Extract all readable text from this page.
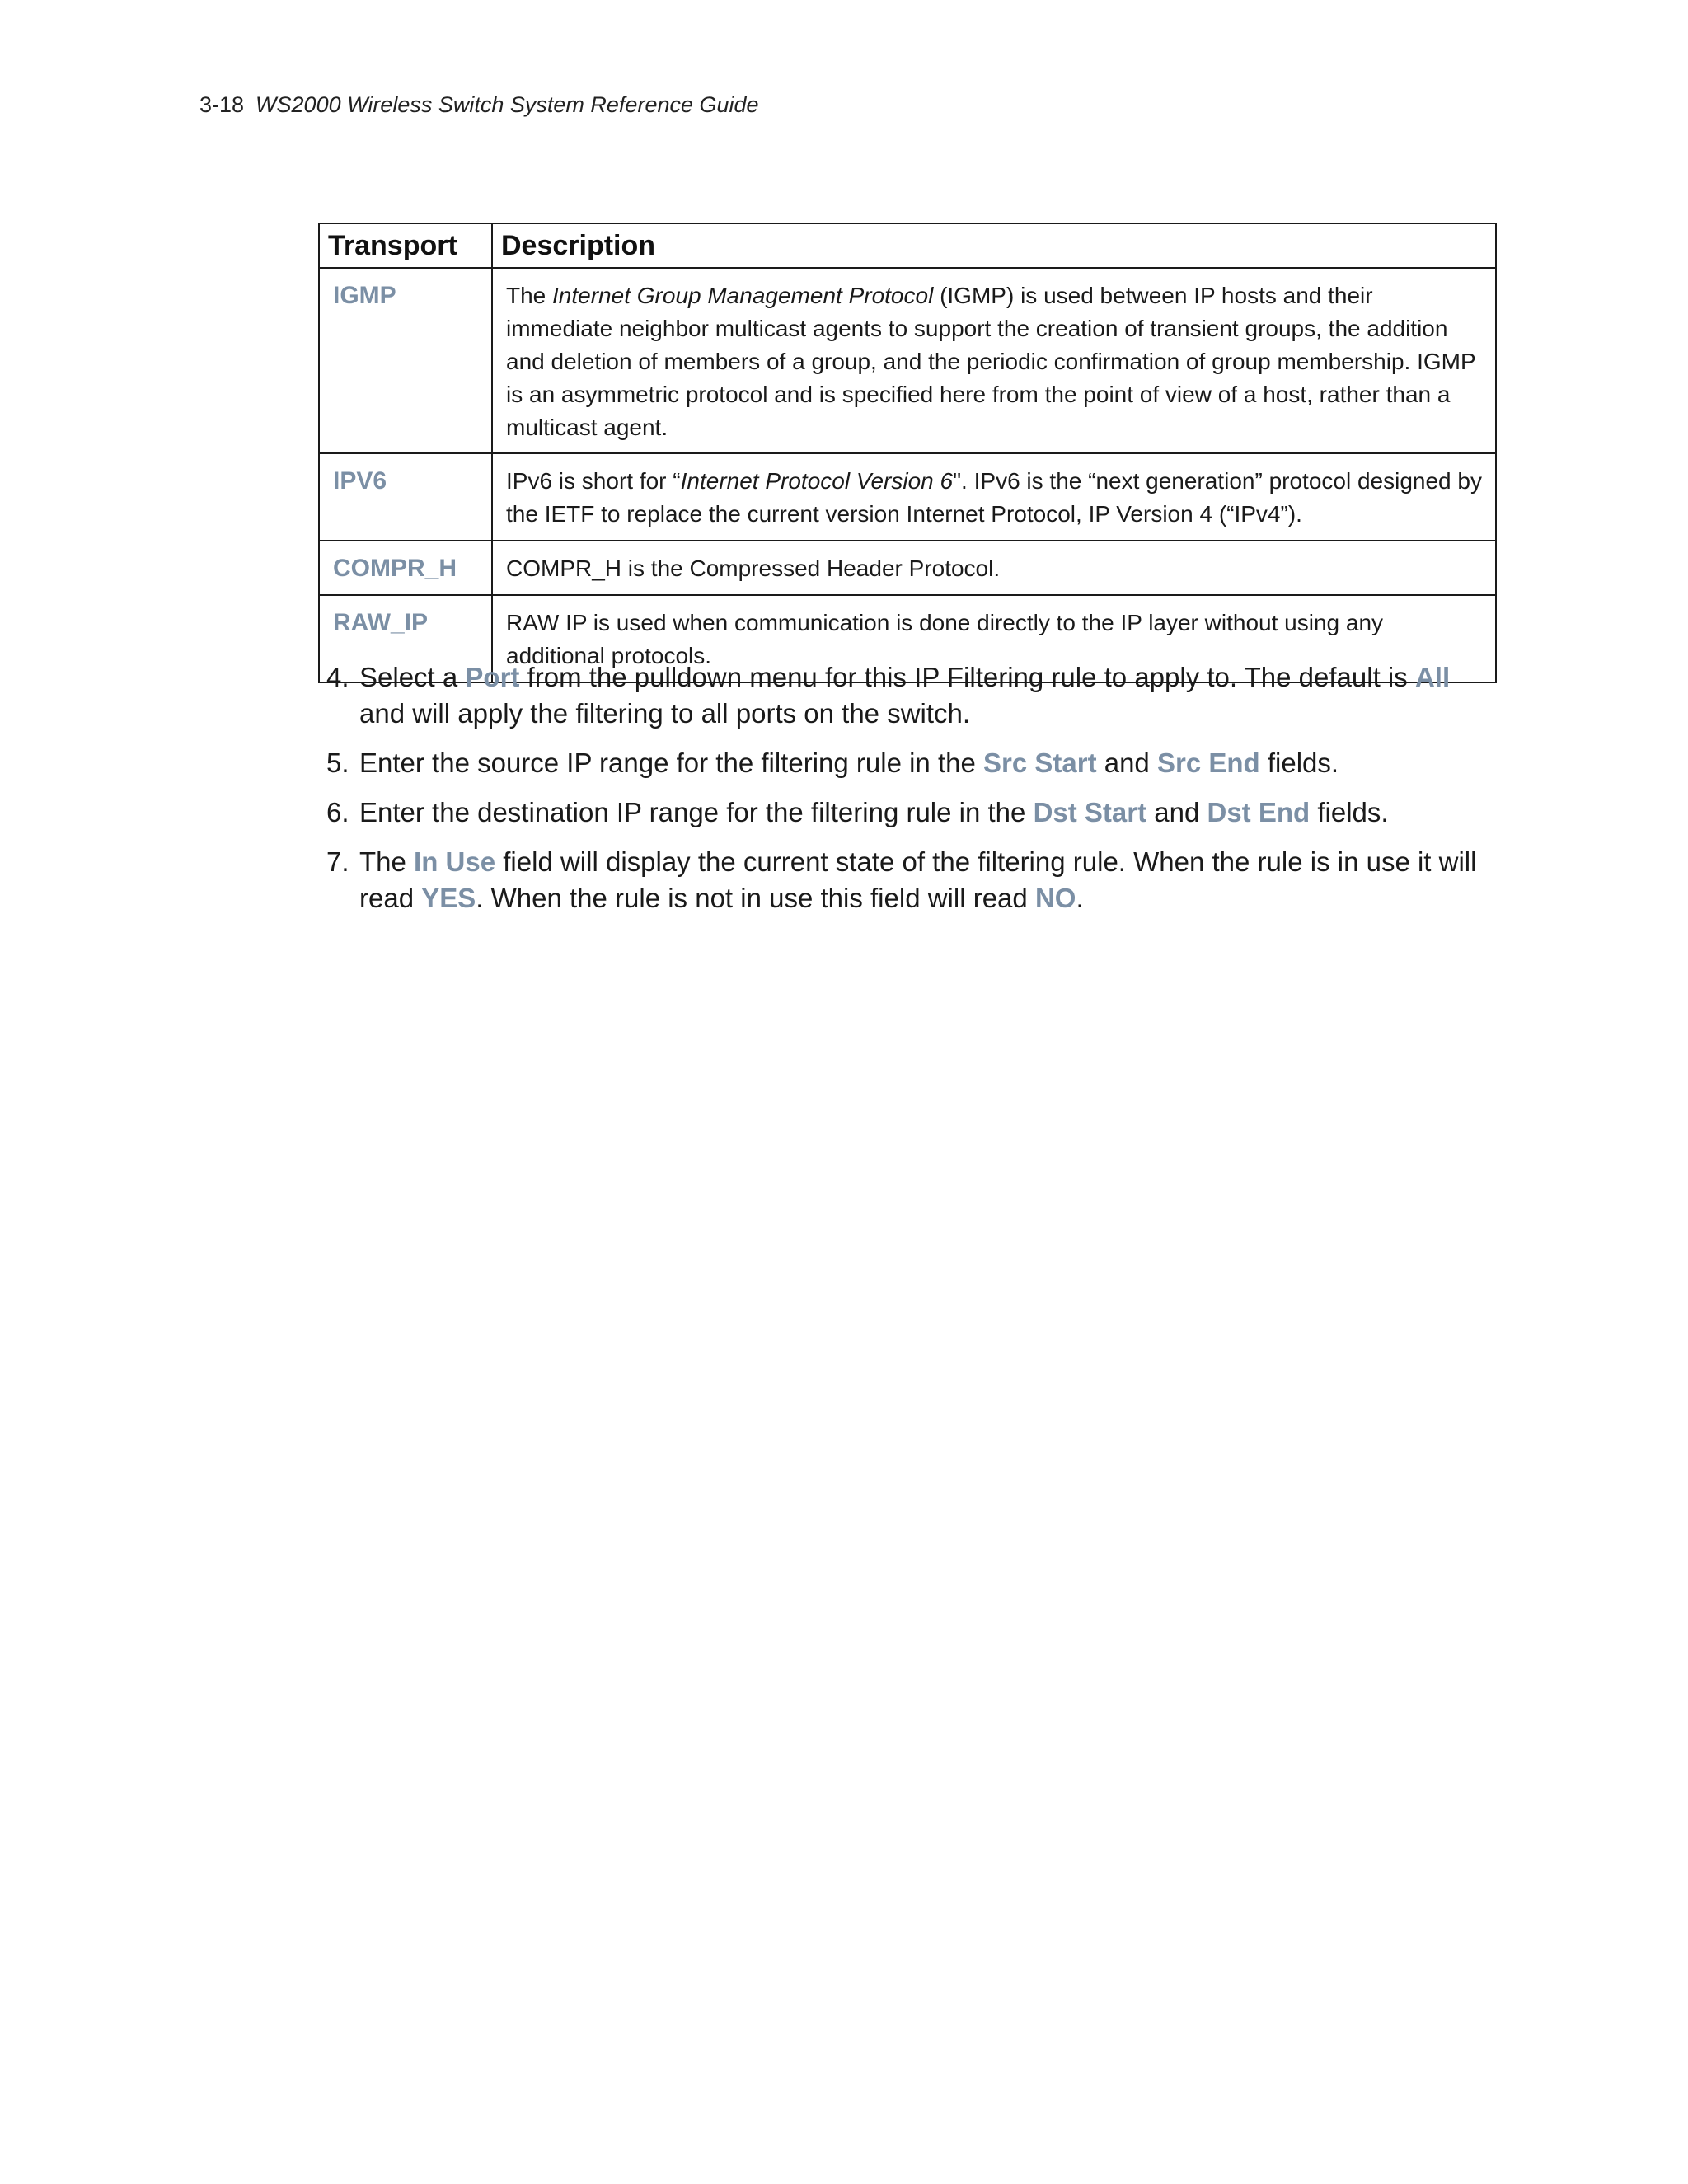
3-18 WS2000 Wireless Switch System Reference Guide
Transport	Description
IGMP	The Internet Group Management Protocol (IGMP) is used between IP hosts and their immediate neighbor multicast agents to support the creation of transient groups, the addition and deletion of members of a group, and the periodic confirmation of group membership. IGMP is an asymmetric protocol and is specified here from the point of view of a host, rather than a multicast agent.
IPV6	IPv6 is short for “Internet Protocol Version 6". IPv6 is the “next generation” protocol designed by the IETF to replace the current version Internet Protocol, IP Version 4 (“IPv4”).
COMPR_H	COMPR_H is the Compressed Header Protocol.
RAW_IP	RAW IP is used when communication is done directly to the IP layer without using any additional protocols.
4. Select a Port from the pulldown menu for this IP Filtering rule to apply to. The default is All and will apply the filtering to all ports on the switch.
5. Enter the source IP range for the filtering rule in the Src Start and Src End fields.
6. Enter the destination IP range for the filtering rule in the Dst Start and Dst End fields.
7. The In Use field will display the current state of the filtering rule. When the rule is in use it will read YES. When the rule is not in use this field will read NO.
